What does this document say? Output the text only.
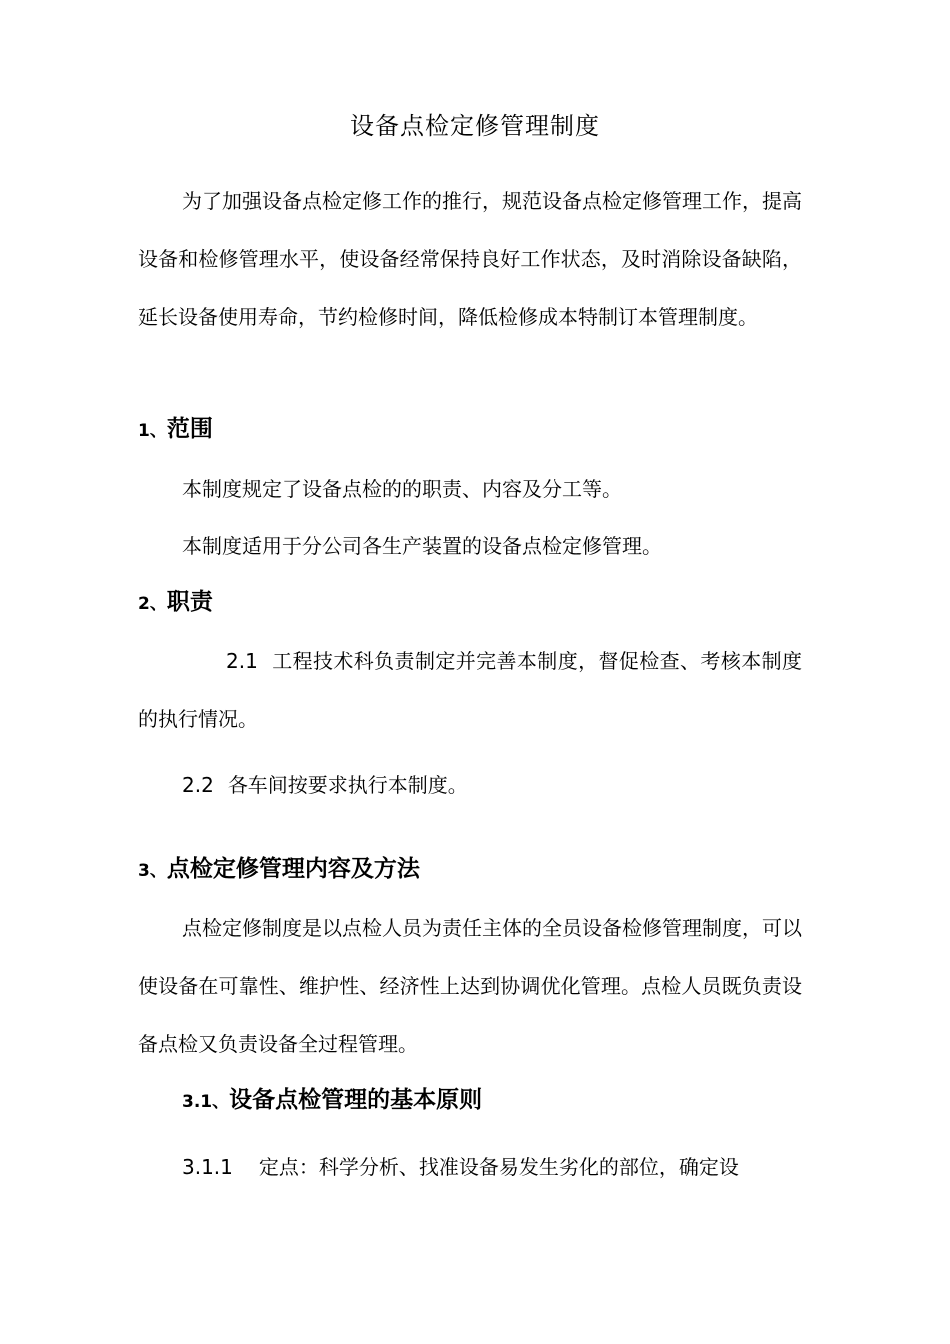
设备点检定修管理制度

为了加强设备点检定修工作的推行，规范设备点检定修管理工作，提高设备和检修管理水平，使设备经常保持良好工作状态，及时消除设备缺陷，延长设备使用寿命，节约检修时间，降低检修成本特制订本管理制度。

1、范围
本制度规定了设备点检的的职责、内容及分工等。
本制度适用于分公司各生产装置的设备点检定修管理。
2、职责

2.1 工程技术科负责制定并完善本制度，督促检查、考核本制度的执行情况。

2.2 各车间按要求执行本制度。
3、点检定修管理内容及方法

点检定修制度是以点检人员为责任主体的全员设备检修管理制度，可以使设备在可靠性、维护性、经济性上达到协调优化管理。点检人员既负责设备点检又负责设备全过程管理。

3.1、设备点检管理的基本原则
3.1.1 定点：科学分析、找准设备易发生劣化的部位，确定设
